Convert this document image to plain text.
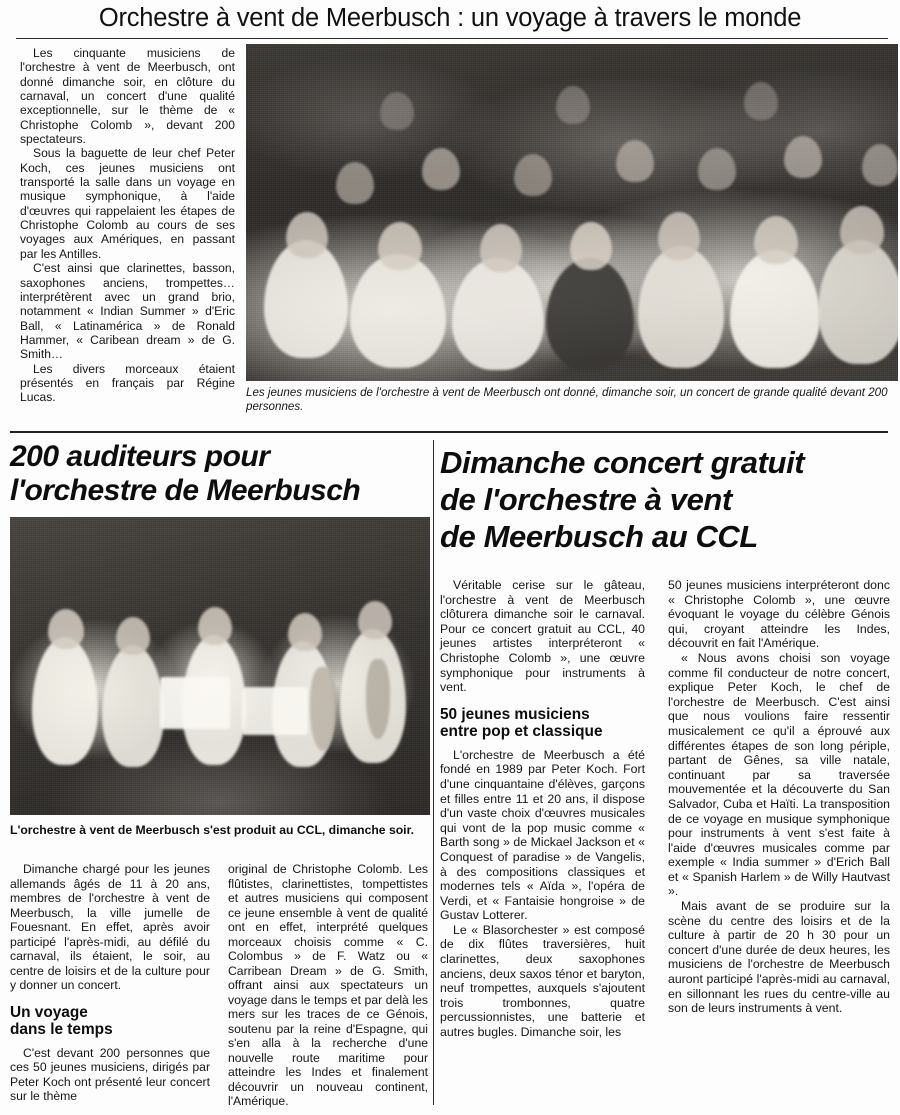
Orchestre à vent de Meerbusch : un voyage à travers le monde

Les cinquante musiciens de l'orchestre à vent de Meerbusch, ont donné dimanche soir, en clôture du carnaval, un concert d'une qualité exceptionnelle, sur le thème de « Christophe Colomb », devant 200 spectateurs.

Sous la baguette de leur chef Peter Koch, ces jeunes musiciens ont transporté la salle dans un voyage en musique symphonique, à l'aide d'œuvres qui rappelaient les étapes de Christophe Colomb au cours de ses voyages aux Amériques, en passant par les Antilles.

C'est ainsi que clarinettes, basson, saxophones anciens, trompettes… interprétèrent avec un grand brio, notamment « Indian Summer » d'Eric Ball, « Latinamérica » de Ronald Hammer, « Caribean dream » de G. Smith…

Les divers morceaux étaient présentés en français par Régine Lucas.	Les jeunes musiciens de l'orchestre à vent de Meerbusch ont donné, dimanche soir, un concert de grande qualité devant 200 personnes.
200 auditeurs pour
l'orchestre de Meerbusch
L'orchestre à vent de Meerbusch s'est produit au CCL, dimanche soir.

Dimanche chargé pour les jeunes allemands âgés de 11 à 20 ans, membres de l'orchestre à vent de Meerbusch, la ville jumelle de Fouesnant. En effet, après avoir participé l'après-midi, au défilé du carnaval, ils étaient, le soir, au centre de loisirs et de la culture pour y donner un concert.

Un voyage
dans le temps

C'est devant 200 personnes que ces 50 jeunes musiciens, dirigés par Peter Koch ont présenté leur concert sur le thème

original de Christophe Colomb. Les flûtistes, clarinettistes, tompettistes et autres musiciens qui composent ce jeune ensemble à vent de qualité ont en effet, interprété quelques morceaux choisis comme « C. Colombus » de F. Watz ou « Carribean Dream » de G. Smith, offrant ainsi aux spectateurs un voyage dans le temps et par delà les mers sur les traces de ce Génois, soutenu par la reine d'Espagne, qui s'en alla à la recherche d'une nouvelle route maritime pour atteindre les Indes et finalement découvrir un nouveau continent, l'Amérique.

Dimanche concert gratuit
de l'orchestre à vent
de Meerbusch au CCL

Véritable cerise sur le gâteau, l'orchestre à vent de Meerbusch clôturera dimanche soir le carnaval. Pour ce concert gratuit au CCL, 40 jeunes artistes interpréteront « Christophe Colomb », une œuvre symphonique pour instruments à vent.

50 jeunes musiciens
entre pop et classique

L'orchestre de Meerbusch a été fondé en 1989 par Peter Koch. Fort d'une cinquantaine d'élèves, garçons et filles entre 11 et 20 ans, il dispose d'un vaste choix d'œuvres musicales qui vont de la pop music comme « Barth song » de Mickael Jackson et « Conquest of paradise » de Vangelis, à des compositions classiques et modernes tels « Aïda », l'opéra de Verdi, et « Fantaisie hongroise » de Gustav Lotterer.

Le « Blasorchester » est composé de dix flûtes traversières, huit clarinettes, deux saxophones anciens, deux saxos ténor et baryton, neuf trompettes, auxquels s'ajoutent trois trombonnes, quatre percussionnistes, une batterie et autres bugles. Dimanche soir, les

50 jeunes musiciens interpréteront donc « Christophe Colomb », une œuvre évoquant le voyage du célèbre Génois qui, croyant atteindre les Indes, découvrit en fait l'Amérique.

« Nous avons choisi son voyage comme fil conducteur de notre concert, explique Peter Koch, le chef de l'orchestre de Meerbusch. C'est ainsi que nous voulions faire ressentir musicalement ce qu'il a éprouvé aux différentes étapes de son long périple, partant de Gênes, sa ville natale, continuant par sa traversée mouvementée et la découverte du San Salvador, Cuba et Haïti. La transposition de ce voyage en musique symphonique pour instruments à vent s'est faite à l'aide d'œuvres musicales comme par exemple « India summer » d'Erich Ball et « Spanish Harlem » de Willy Hautvast ».

Mais avant de se produire sur la scène du centre des loisirs et de la culture à partir de 20 h 30 pour un concert d'une durée de deux heures, les musiciens de l'orchestre de Meerbusch auront participé l'après-midi au carnaval, en sillonnant les rues du centre-ville au son de leurs instruments à vent.
